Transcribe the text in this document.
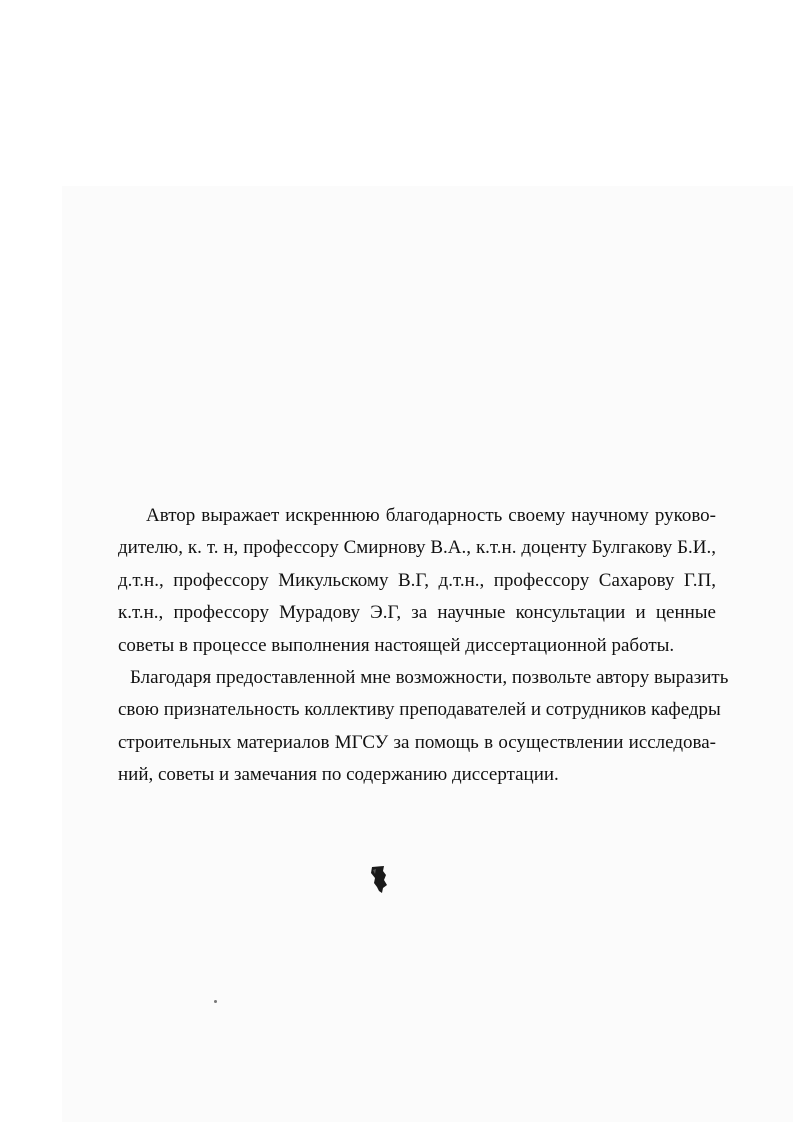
Автор выражает искреннюю благодарность своему научному руково-
дителю, к. т. н, профессору Смирнову В.А., к.т.н. доценту Булгакову Б.И.,
д.т.н., профессору Микульскому В.Г, д.т.н., профессору Сахарову Г.П,
к.т.н., профессору Мурадову Э.Г, за научные консультации и ценные
советы в процессе выполнения настоящей диссертационной работы.
Благодаря предоставленной мне возможности, позвольте автору выразить
свою признательность коллективу преподавателей и сотрудников кафедры
строительных материалов МГСУ за помощь в осуществлении исследова-
ний, советы и замечания по содержанию диссертации.
